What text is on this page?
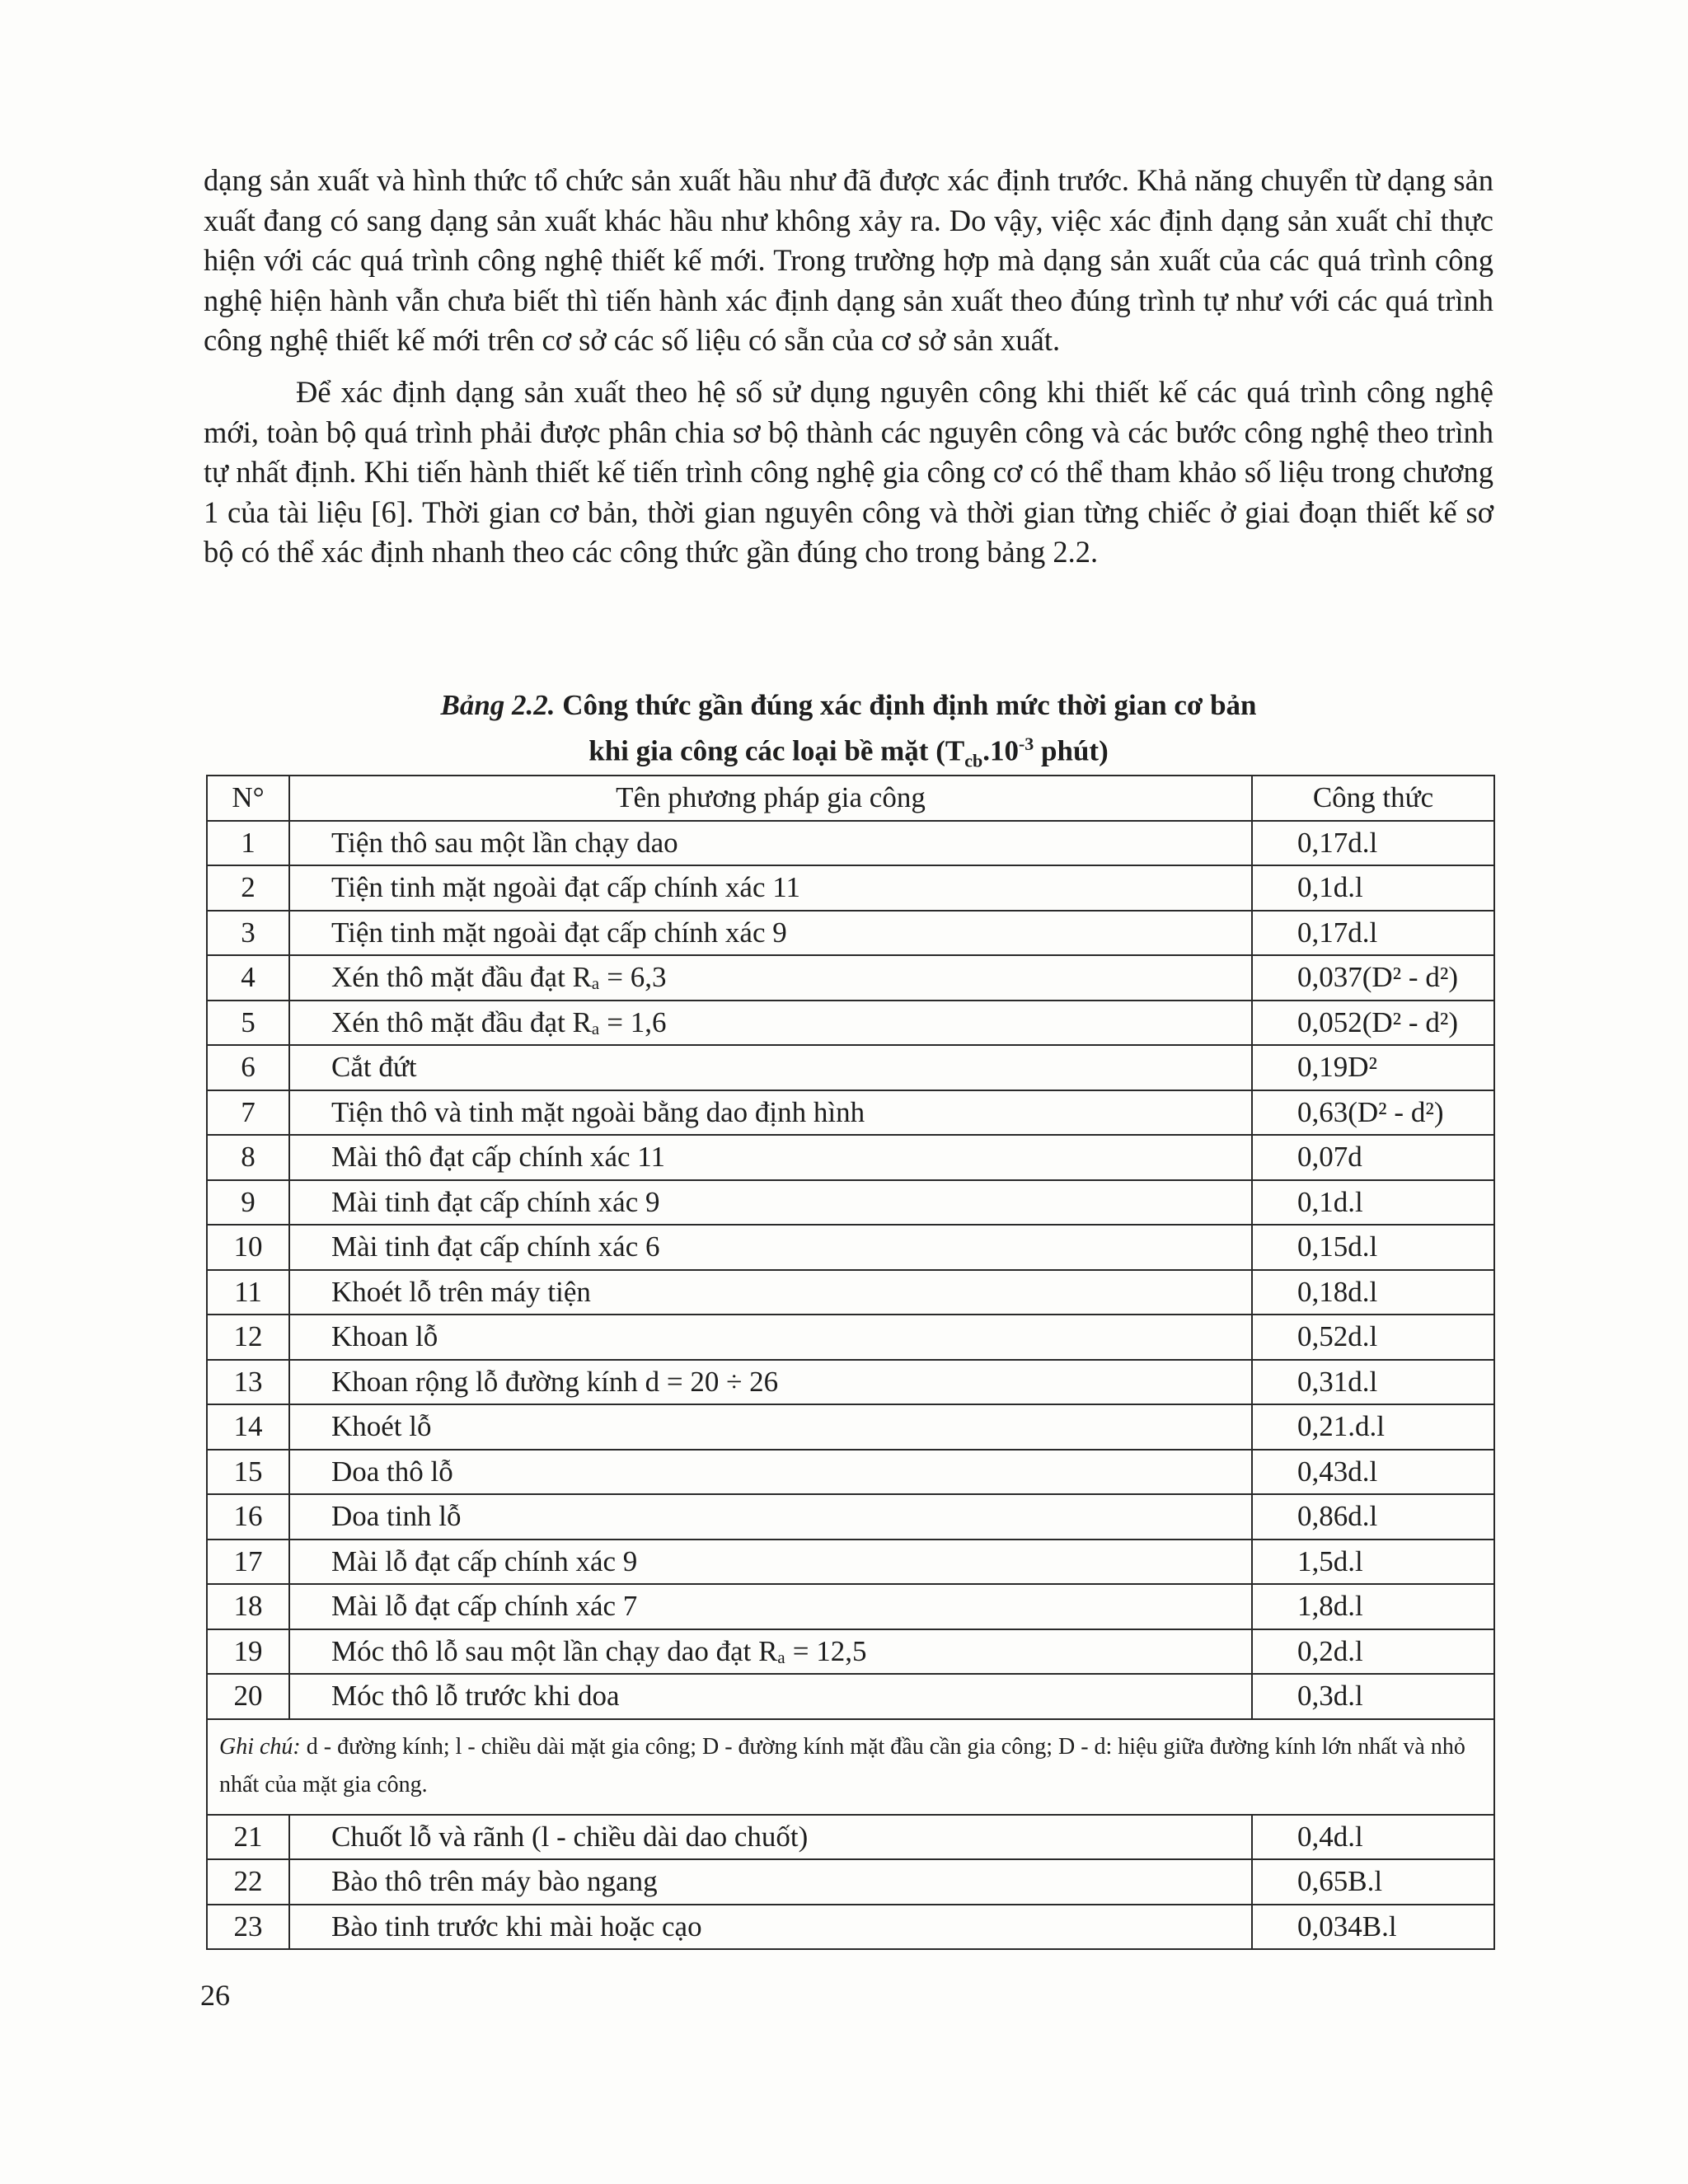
dạng sản xuất và hình thức tổ chức sản xuất hầu như đã được xác định trước. Khả năng chuyển từ dạng sản xuất đang có sang dạng sản xuất khác hầu như không xảy ra. Do vậy, việc xác định dạng sản xuất chỉ thực hiện với các quá trình công nghệ thiết kế mới. Trong trường hợp mà dạng sản xuất của các quá trình công nghệ hiện hành vẫn chưa biết thì tiến hành xác định dạng sản xuất theo đúng trình tự như với các quá trình công nghệ thiết kế mới trên cơ sở các số liệu có sẵn của cơ sở sản xuất.

Để xác định dạng sản xuất theo hệ số sử dụng nguyên công khi thiết kế các quá trình công nghệ mới, toàn bộ quá trình phải được phân chia sơ bộ thành các nguyên công và các bước công nghệ theo trình tự nhất định. Khi tiến hành thiết kế tiến trình công nghệ gia công cơ có thể tham khảo số liệu trong chương 1 của tài liệu [6]. Thời gian cơ bản, thời gian nguyên công và thời gian từng chiếc ở giai đoạn thiết kế sơ bộ có thể xác định nhanh theo các công thức gần đúng cho trong bảng 2.2.

Bảng 2.2. Công thức gần đúng xác định định mức thời gian cơ bản
khi gia công các loại bề mặt ($T_{cb}.10^{-3}$ phút)
N°	Tên phương pháp gia công	Công thức
1	Tiện thô sau một lần chạy dao	0,17d.l
2	Tiện tinh mặt ngoài đạt cấp chính xác 11	0,1d.l
3	Tiện tinh mặt ngoài đạt cấp chính xác 9	0,17d.l
4	Xén thô mặt đầu đạt Rₐ = 6,3	0,037(D² - d²)
5	Xén thô mặt đầu đạt Rₐ = 1,6	0,052(D² - d²)
6	Cắt đứt	0,19D²
7	Tiện thô và tinh mặt ngoài bằng dao định hình	0,63(D² - d²)
8	Mài thô đạt cấp chính xác 11	0,07d
9	Mài tinh đạt cấp chính xác 9	0,1d.l
10	Mài tinh đạt cấp chính xác 6	0,15d.l
11	Khoét lỗ trên máy tiện	0,18d.l
12	Khoan lỗ	0,52d.l
13	Khoan rộng lỗ đường kính d = 20 ÷ 26	0,31d.l
14	Khoét lỗ	0,21.d.l
15	Doa thô lỗ	0,43d.l
16	Doa tinh lỗ	0,86d.l
17	Mài lỗ đạt cấp chính xác 9	1,5d.l
18	Mài lỗ đạt cấp chính xác 7	1,8d.l
19	Móc thô lỗ sau một lần chạy dao đạt Rₐ = 12,5	0,2d.l
20	Móc thô lỗ trước khi doa	0,3d.l
Ghi chú: d - đường kính; l - chiều dài mặt gia công; D - đường kính mặt đầu cần gia công; D - d: hiệu giữa đường kính lớn nhất và nhỏ nhất của mặt gia công.		
21	Chuốt lỗ và rãnh (l - chiều dài dao chuốt)	0,4d.l
22	Bào thô trên máy bào ngang	0,65B.l
23	Bào tinh trước khi mài hoặc cạo	0,034B.l
26
